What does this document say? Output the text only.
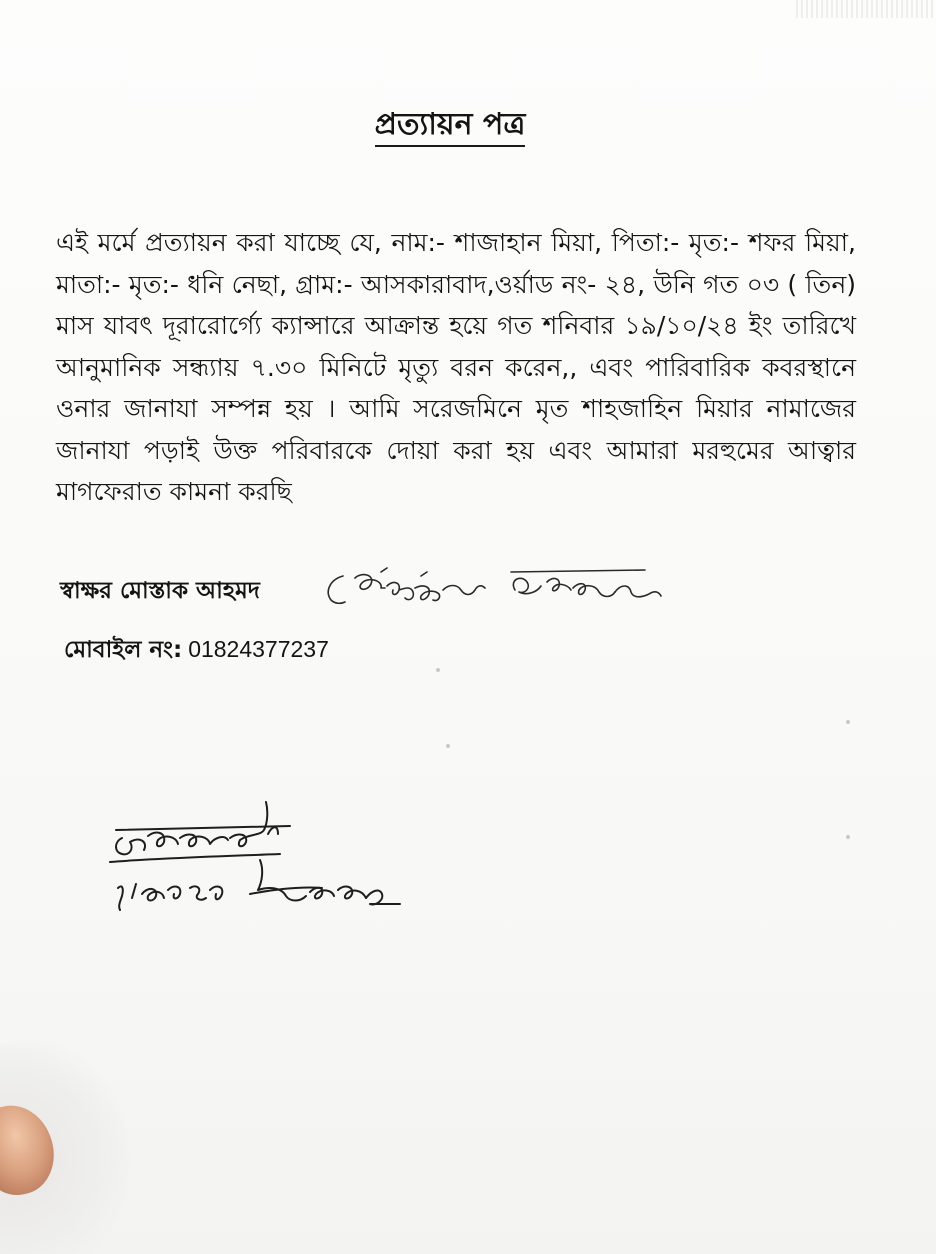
প্রত্যায়ন পত্র
এই মর্মে প্রত্যায়ন করা যাচ্ছে যে, নাম:- শাজাহান মিয়া, পিতা:- মৃত:- শফর মিয়া, মাতা:- মৃত:- ধনি নেছা, গ্রাম:- আসকারাবাদ,ওর্য়াড নং- ২৪, উনি গত ০৩ ( তিন) মাস যাবৎ দূরারোর্গ্যে ক্যান্সারে আক্রান্ত হয়ে গত শনিবার ১৯/১০/২৪ ইং তারিখে আনুমানিক সন্ধ্যায় ৭.৩০ মিনিটে মৃত্যু বরন করেন,, এবং পারিবারিক কবরস্থানে ওনার জানাযা সম্পন্ন হয় । আমি সরেজমিনে মৃত শাহজাহিন মিয়ার নামাজের জানাযা পড়াই উক্ত পরিবারকে দোয়া করা হয় এবং আমারা মরহুমের আত্বার মাগফেরাত কামনা করছি
স্বাক্ষর মোস্তাক আহমদ
মোবাইল নং: 01824377237
